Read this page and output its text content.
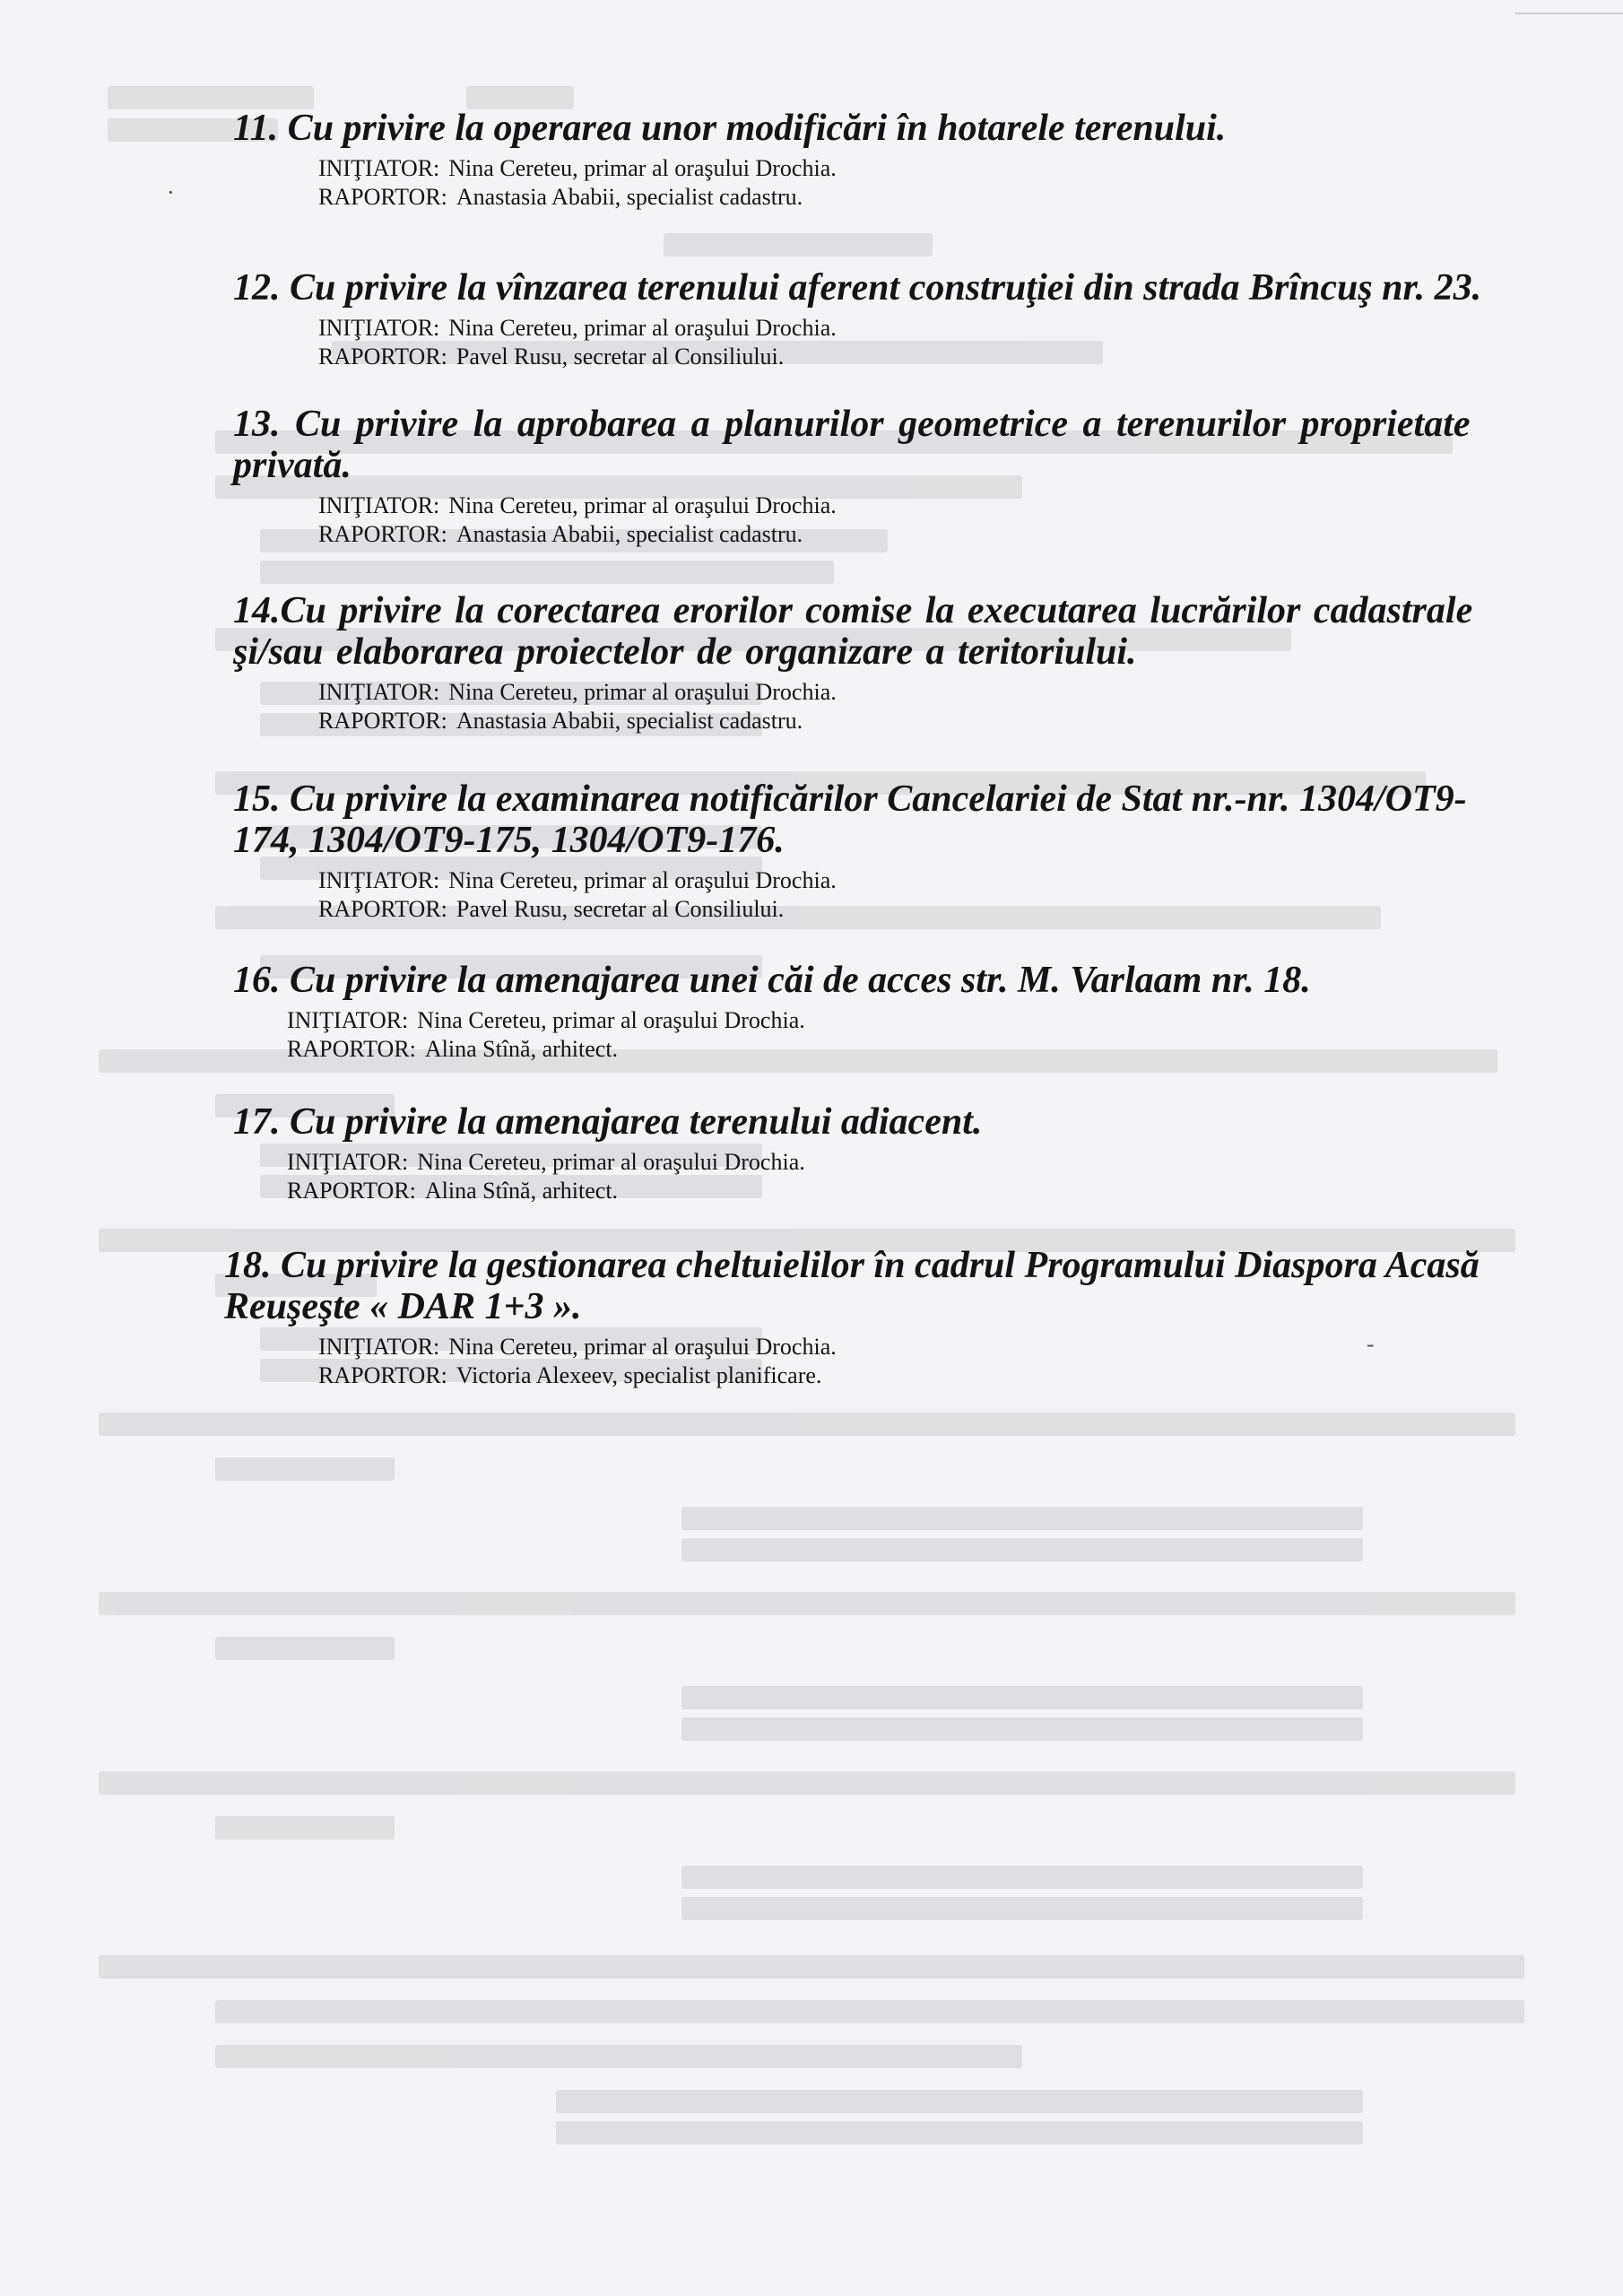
·
-

11. Cu privire la operarea unor modificări în hotarele terenului.

INIŢIATOR: Nina Cereteu, primar al oraşului Drochia.

RAPORTOR: Anastasia Ababii, specialist cadastru.

12. Cu privire la vînzarea terenului aferent construţiei din strada Brîncuş nr. 23.

INIŢIATOR: Nina Cereteu, primar al oraşului Drochia.

RAPORTOR: Pavel Rusu, secretar al Consiliului.

13. Cu privire la aprobarea a planurilor geometrice a terenurilor proprietate privată.

INIŢIATOR: Nina Cereteu, primar al oraşului Drochia.

RAPORTOR: Anastasia Ababii, specialist cadastru.

14.Cu privire la corectarea erorilor comise la executarea lucrărilor cadastrale şi/sau elaborarea proiectelor de organizare a teritoriului.

INIŢIATOR: Nina Cereteu, primar al oraşului Drochia.

RAPORTOR: Anastasia Ababii, specialist cadastru.

15. Cu privire la examinarea notificărilor Cancelariei de Stat nr.-nr. 1304/OT9-174, 1304/OT9-175, 1304/OT9-176.

INIŢIATOR: Nina Cereteu, primar al oraşului Drochia.

RAPORTOR: Pavel Rusu, secretar al Consiliului.

16. Cu privire la amenajarea unei căi de acces str. M. Varlaam nr. 18.

INIŢIATOR: Nina Cereteu, primar al oraşului Drochia.

RAPORTOR: Alina Stînă, arhitect.

17. Cu privire la amenajarea terenului adiacent.

INIŢIATOR: Nina Cereteu, primar al oraşului Drochia.

RAPORTOR: Alina Stînă, arhitect.

18. Cu privire la gestionarea cheltuielilor în cadrul Programului Diaspora Acasă Reuşeşte « DAR 1+3 ».

INIŢIATOR: Nina Cereteu, primar al oraşului Drochia.

RAPORTOR: Victoria Alexeev, specialist planificare.
